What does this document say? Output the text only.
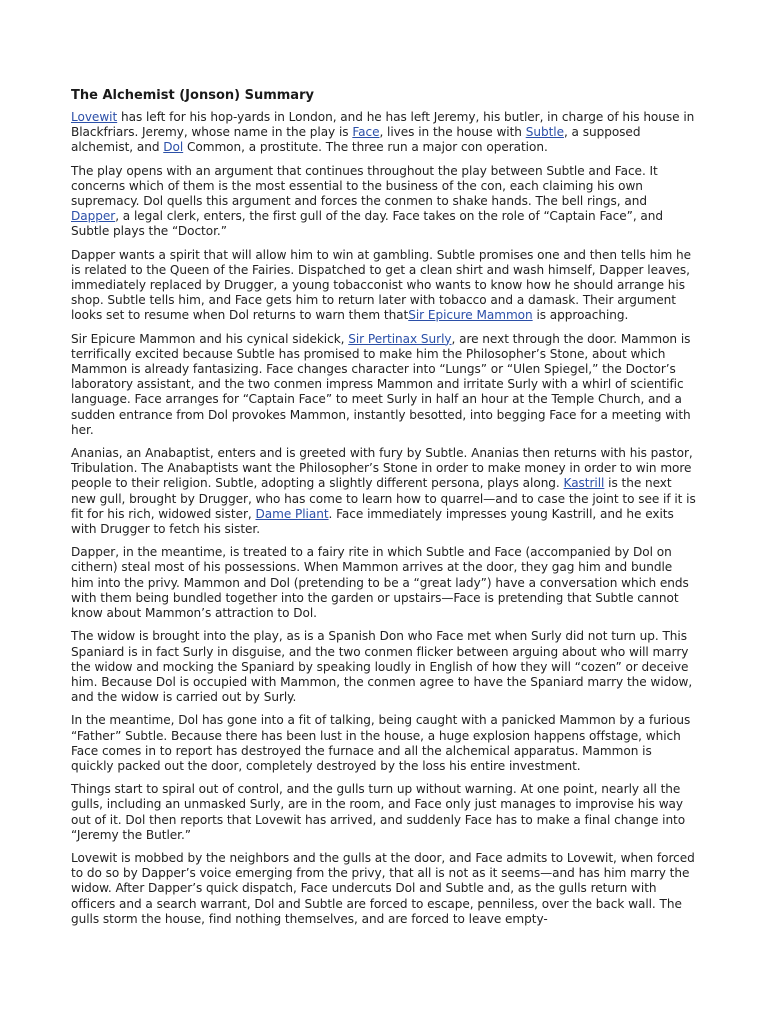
The Alchemist (Jonson) Summary

Lovewit has left for his hop-yards in London, and he has left Jeremy, his butler, in charge of his house in Blackfriars. Jeremy, whose name in the play is Face, lives in the house with Subtle, a supposed alchemist, and Dol Common, a prostitute. The three run a major con operation.

The play opens with an argument that continues throughout the play between Subtle and Face. It concerns which of them is the most essential to the business of the con, each claiming his own supremacy. Dol quells this argument and forces the conmen to shake hands. The bell rings, and Dapper, a legal clerk, enters, the first gull of the day. Face takes on the role of “Captain Face”, and Subtle plays the “Doctor.”

Dapper wants a spirit that will allow him to win at gambling. Subtle promises one and then tells him he is related to the Queen of the Fairies. Dispatched to get a clean shirt and wash himself, Dapper leaves, immediately replaced by Drugger, a young tobacconist who wants to know how he should arrange his shop. Subtle tells him, and Face gets him to return later with tobacco and a damask. Their argument looks set to resume when Dol returns to warn them thatSir Epicure Mammon is approaching.

Sir Epicure Mammon and his cynical sidekick, Sir Pertinax Surly, are next through the door. Mammon is terrifically excited because Subtle has promised to make him the Philosopher’s Stone, about which Mammon is already fantasizing. Face changes character into “Lungs” or “Ulen Spiegel,” the Doctor’s laboratory assistant, and the two conmen impress Mammon and irritate Surly with a whirl of scientific language. Face arranges for “Captain Face” to meet Surly in half an hour at the Temple Church, and a sudden entrance from Dol provokes Mammon, instantly besotted, into begging Face for a meeting with her.

Ananias, an Anabaptist, enters and is greeted with fury by Subtle. Ananias then returns with his pastor, Tribulation. The Anabaptists want the Philosopher’s Stone in order to make money in order to win more people to their religion. Subtle, adopting a slightly different persona, plays along. Kastrill is the next new gull, brought by Drugger, who has come to learn how to quarrel—and to case the joint to see if it is fit for his rich, widowed sister, Dame Pliant. Face immediately impresses young Kastrill, and he exits with Drugger to fetch his sister.

Dapper, in the meantime, is treated to a fairy rite in which Subtle and Face (accompanied by Dol on cithern) steal most of his possessions. When Mammon arrives at the door, they gag him and bundle him into the privy. Mammon and Dol (pretending to be a “great lady”) have a conversation which ends with them being bundled together into the garden or upstairs—Face is pretending that Subtle cannot know about Mammon’s attraction to Dol.

The widow is brought into the play, as is a Spanish Don who Face met when Surly did not turn up. This Spaniard is in fact Surly in disguise, and the two conmen flicker between arguing about who will marry the widow and mocking the Spaniard by speaking loudly in English of how they will “cozen” or deceive him. Because Dol is occupied with Mammon, the conmen agree to have the Spaniard marry the widow, and the widow is carried out by Surly.

In the meantime, Dol has gone into a fit of talking, being caught with a panicked Mammon by a furious “Father” Subtle. Because there has been lust in the house, a huge explosion happens offstage, which Face comes in to report has destroyed the furnace and all the alchemical apparatus. Mammon is quickly packed out the door, completely destroyed by the loss his entire investment.

Things start to spiral out of control, and the gulls turn up without warning. At one point, nearly all the gulls, including an unmasked Surly, are in the room, and Face only just manages to improvise his way out of it. Dol then reports that Lovewit has arrived, and suddenly Face has to make a final change into “Jeremy the Butler.”

Lovewit is mobbed by the neighbors and the gulls at the door, and Face admits to Lovewit, when forced to do so by Dapper’s voice emerging from the privy, that all is not as it seems—and has him marry the widow. After Dapper’s quick dispatch, Face undercuts Dol and Subtle and, as the gulls return with officers and a search warrant, Dol and Subtle are forced to escape, penniless, over the back wall. The gulls storm the house, find nothing themselves, and are forced to leave empty-
